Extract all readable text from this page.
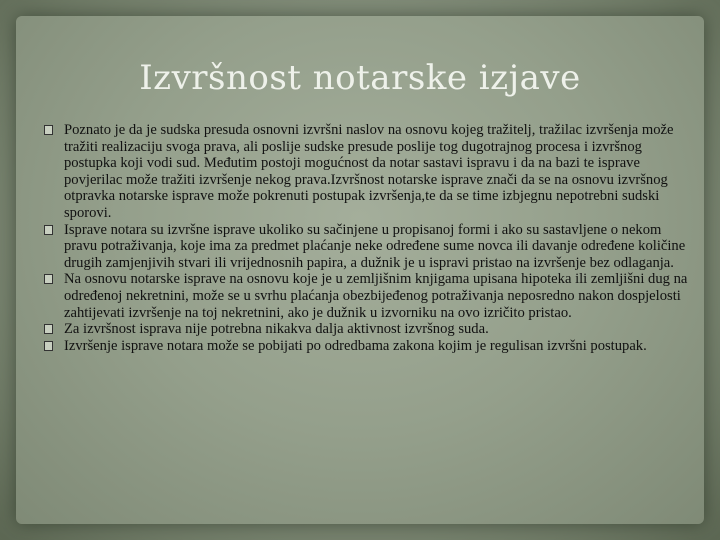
Izvršnost notarske izjave
Poznato je da je sudska presuda osnovni izvršni naslov na osnovu kojeg tražitelj, tražilac izvršenja može tražiti realizaciju svoga prava, ali poslije sudske presude poslije tog dugotrajnog procesa i izvršnog postupka koji vodi sud. Međutim postoji mogućnost da notar sastavi ispravu i da na bazi te isprave povjerilac može tražiti izvršenje nekog prava.Izvršnost notarske isprave znači da se na osnovu izvršnog otpravka notarske isprave može pokrenuti postupak izvršenja,te da se time izbjegnu nepotrebni sudski sporovi.
Isprave notara su izvršne isprave ukoliko su sačinjene u propisanoj formi i ako su sastavljene o nekom pravu potraživanja, koje ima za predmet plaćanje neke određene sume novca ili davanje određene količine drugih zamjenjivih stvari ili vrijednosnih papira, a dužnik je u ispravi pristao na izvršenje bez odlaganja.
Na osnovu notarske isprave na osnovu koje je u zemljišnim knjigama upisana hipoteka ili zemljišni dug na određenoj nekretnini, može se u svrhu plaćanja obezbijeđenog potraživanja neposredno nakon dospjelosti zahtijevati izvršenje na toj nekretnini, ako je dužnik u izvorniku na ovo izričito pristao.
Za izvršnost isprava nije potrebna nikakva dalja aktivnost izvršnog suda.
Izvršenje isprave notara može se pobijati po odredbama zakona kojim je regulisan izvršni postupak.
